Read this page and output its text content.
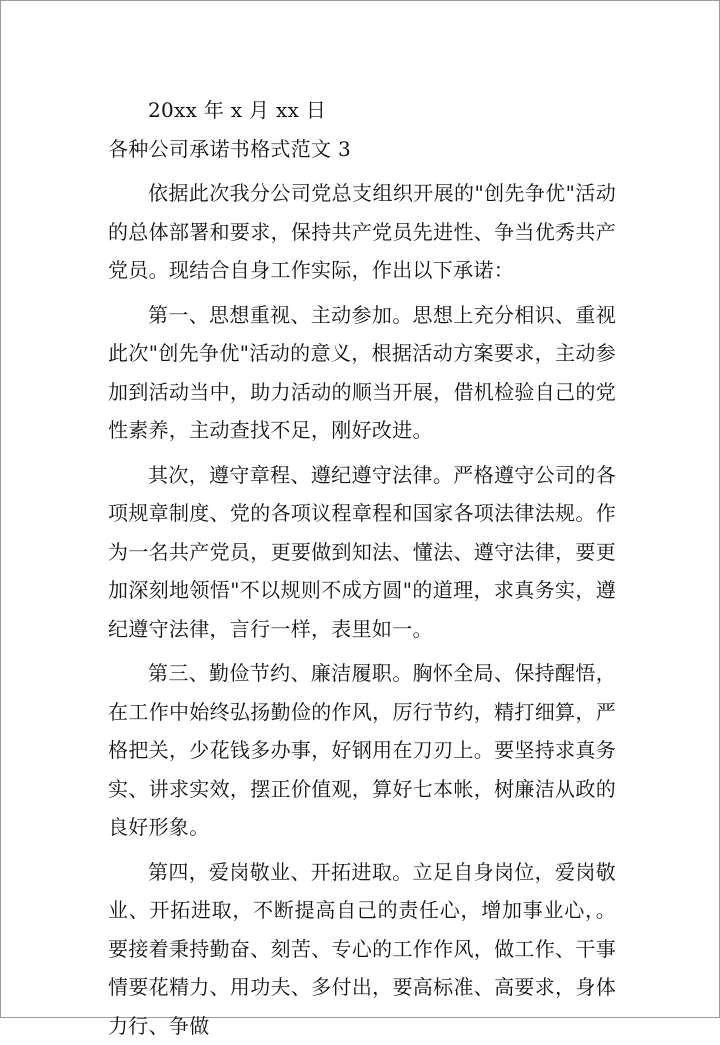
20xx 年 x 月 xx 日

各种公司承诺书格式范文 3

依据此次我分公司党总支组织开展的"创先争优"活动的总体部署和要求，保持共产党员先进性、争当优秀共产党员。现结合自身工作实际，作出以下承诺：

第一、思想重视、主动参加。思想上充分相识、重视此次"创先争优"活动的意义，根据活动方案要求，主动参加到活动当中，助力活动的顺当开展，借机检验自己的党性素养，主动查找不足，刚好改进。

其次，遵守章程、遵纪遵守法律。严格遵守公司的各项规章制度、党的各项议程章程和国家各项法律法规。作为一名共产党员，更要做到知法、懂法、遵守法律，要更加深刻地领悟"不以规则不成方圆"的道理，求真务实，遵纪遵守法律，言行一样，表里如一。

第三、勤俭节约、廉洁履职。胸怀全局、保持醒悟，在工作中始终弘扬勤俭的作风，厉行节约，精打细算，严格把关，少花钱多办事，好钢用在刀刃上。要坚持求真务实、讲求实效，摆正价值观，算好七本帐，树廉洁从政的良好形象。

第四，爱岗敬业、开拓进取。立足自身岗位，爱岗敬业、开拓进取，不断提高自己的责任心，增加事业心，。要接着秉持勤奋、刻苦、专心的工作作风，做工作、干事情要花精力、用功夫、多付出，要高标准、高要求，身体力行、争做
